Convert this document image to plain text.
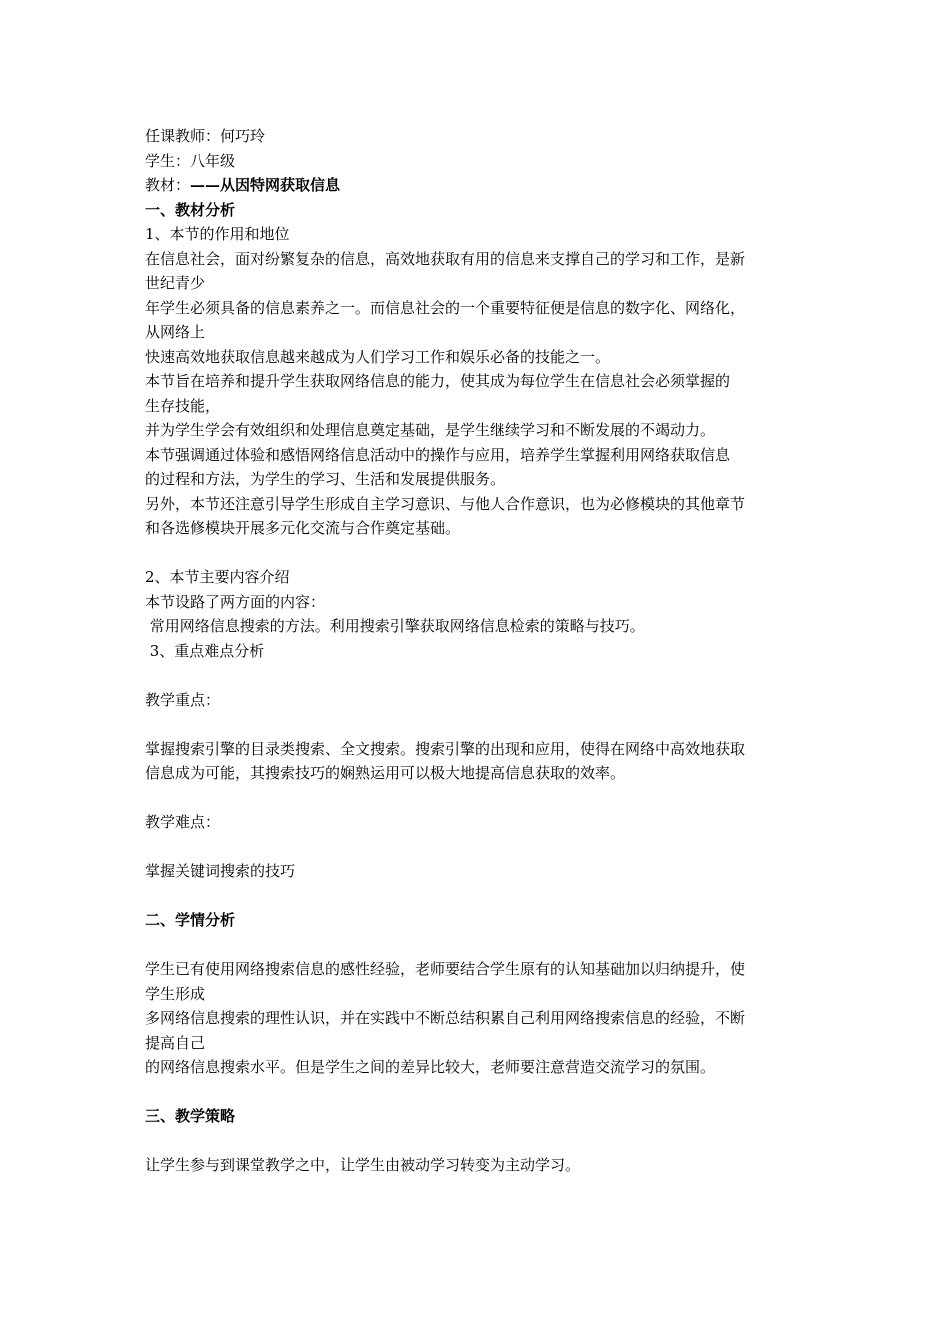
任课教师：何巧玲
学生：八年级
教材：——从因特网获取信息
一、教材分析
1、本节的作用和地位
在信息社会，面对纷繁复杂的信息，高效地获取有用的信息来支撑自己的学习和工作，是新
世纪青少
年学生必须具备的信息素养之一。而信息社会的一个重要特征便是信息的数字化、网络化，
从网络上
快速高效地获取信息越来越成为人们学习工作和娱乐必备的技能之一。
本节旨在培养和提升学生获取网络信息的能力，使其成为每位学生在信息社会必须掌握的
生存技能，
并为学生学会有效组织和处理信息奠定基础，是学生继续学习和不断发展的不竭动力。
本节强调通过体验和感悟网络信息活动中的操作与应用，培养学生掌握利用网络获取信息
的过程和方法，为学生的学习、生活和发展提供服务。
另外，本节还注意引导学生形成自主学习意识、与他人合作意识，也为必修模块的其他章节
和各选修模块开展多元化交流与合作奠定基础。
2、本节主要内容介绍
本节设路了两方面的内容：
常用网络信息搜索的方法。利用搜索引擎获取网络信息检索的策略与技巧。
3、重点难点分析
教学重点：
掌握搜索引擎的目录类搜索、全文搜索。搜索引擎的出现和应用，使得在网络中高效地获取
信息成为可能，其搜索技巧的娴熟运用可以极大地提高信息获取的效率。
教学难点：
掌握关键词搜索的技巧
二、学情分析
学生已有使用网络搜索信息的感性经验，老师要结合学生原有的认知基础加以归纳提升，使
学生形成
多网络信息搜索的理性认识，并在实践中不断总结积累自己利用网络搜索信息的经验，不断
提高自己
的网络信息搜索水平。但是学生之间的差异比较大，老师要注意营造交流学习的氛围。
三、教学策略
让学生参与到课堂教学之中，让学生由被动学习转变为主动学习。
